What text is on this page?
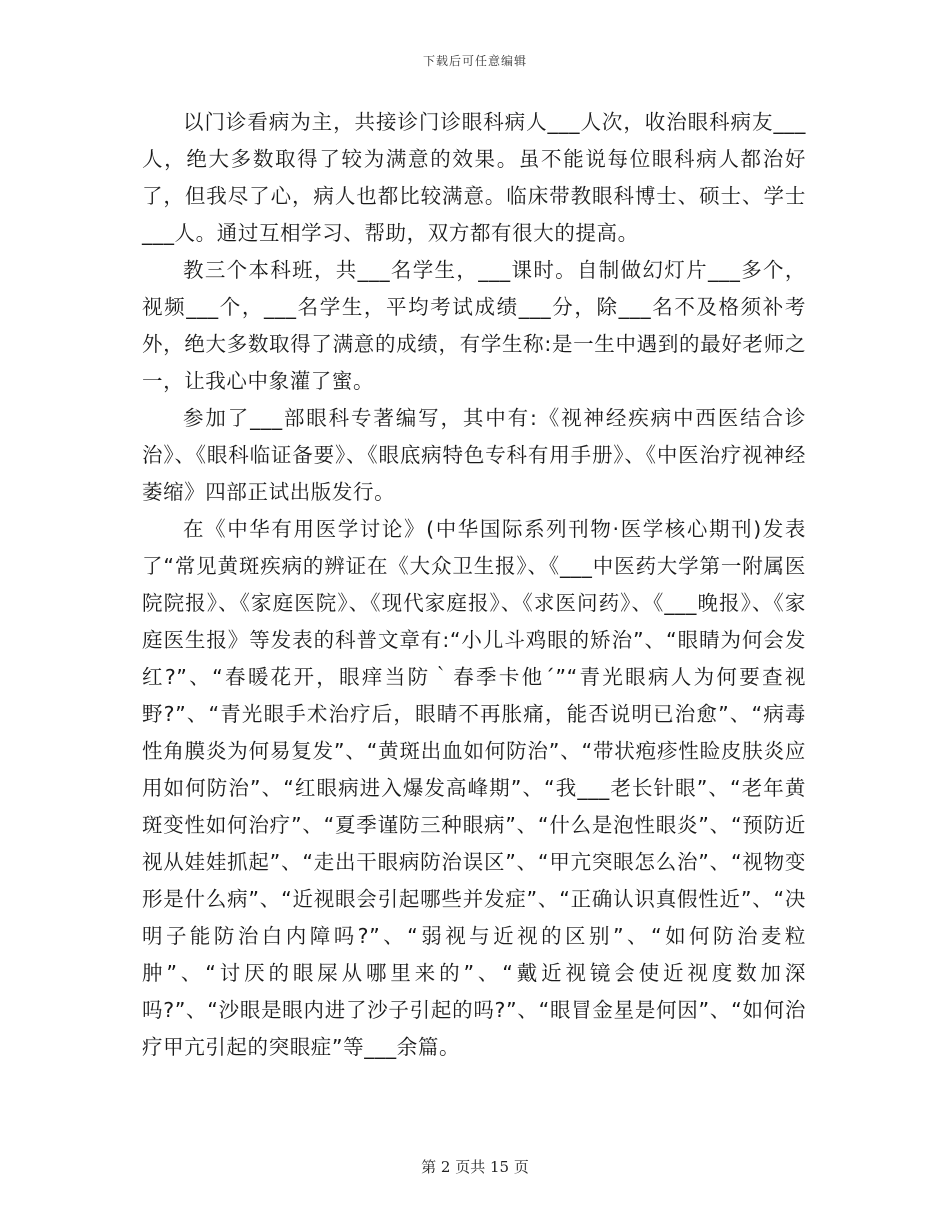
下载后可任意编辑

以门诊看病为主，共接诊门诊眼科病人___人次，收治眼科病友___人，绝大多数取得了较为满意的效果。虽不能说每位眼科病人都治好了，但我尽了心，病人也都比较满意。临床带教眼科博士、硕士、学士___人。通过互相学习、帮助，双方都有很大的提高。

教三个本科班，共___名学生，___课时。自制做幻灯片___多个，视频___个，___名学生，平均考试成绩___分，除___名不及格须补考外，绝大多数取得了满意的成绩，有学生称:是一生中遇到的最好老师之一，让我心中象灌了蜜。

参加了___部眼科专著编写，其中有:《视神经疾病中西医结合诊治》、《眼科临证备要》、《眼底病特色专科有用手册》、《中医治疗视神经萎缩》四部正试出版发行。

在《中华有用医学讨论》(中华国际系列刊物·医学核心期刊)发表了“常见黄斑疾病的辨证在《大众卫生报》、《___中医药大学第一附属医院院报》、《家庭医院》、《现代家庭报》、《求医问药》、《___晚报》、《家庭医生报》等发表的科普文章有:“小儿斗鸡眼的矫治”、“眼睛为何会发红?”、“春暖花开，眼痒当防｀春季卡他´”“青光眼病人为何要查视野?”、“青光眼手术治疗后，眼睛不再胀痛，能否说明已治愈”、“病毒性角膜炎为何易复发”、“黄斑出血如何防治”、“带状疱疹性睑皮肤炎应用如何防治”、“红眼病进入爆发高峰期”、“我___老长针眼”、“老年黄斑变性如何治疗”、“夏季谨防三种眼病”、“什么是泡性眼炎”、“预防近视从娃娃抓起”、“走出干眼病防治误区”、“甲亢突眼怎么治”、“视物变形是什么病”、“近视眼会引起哪些并发症”、“正确认识真假性近”、“决明子能防治白内障吗?”、“弱视与近视的区别”、“如何防治麦粒肿”、“讨厌的眼屎从哪里来的”、“戴近视镜会使近视度数加深吗?”、“沙眼是眼内进了沙子引起的吗?”、“眼冒金星是何因”、“如何治疗甲亢引起的突眼症”等___余篇。

第 2 页共 15 页
